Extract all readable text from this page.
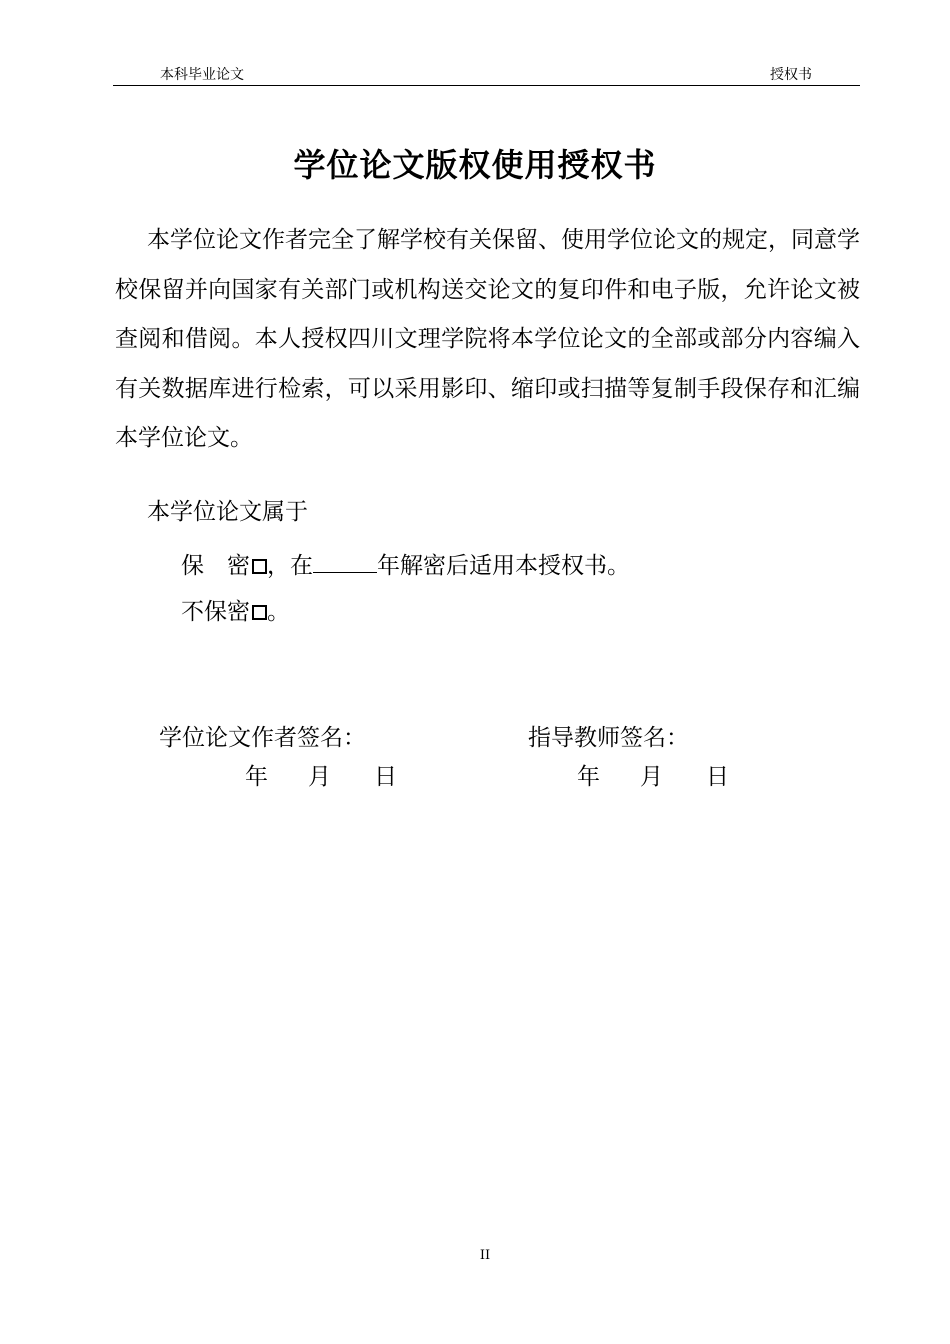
本科毕业论文	授权书
学位论文版权使用授权书

本学位论文作者完全了解学校有关保留、使用学位论文的规定，同意学校保留并向国家有关部门或机构送交论文的复印件和电子版，允许论文被查阅和借阅。本人授权四川文理学院将本学位论文的全部或部分内容编入有关数据库进行检索，可以采用影印、缩印或扫描等复制手段保存和汇编本学位论文。

本学位论文属于
保　密 ，在	年解密后适用本授权书。
不保密 。
学位论文作者签名：	指导教师签名：
年 月 日	年 月 日
II
